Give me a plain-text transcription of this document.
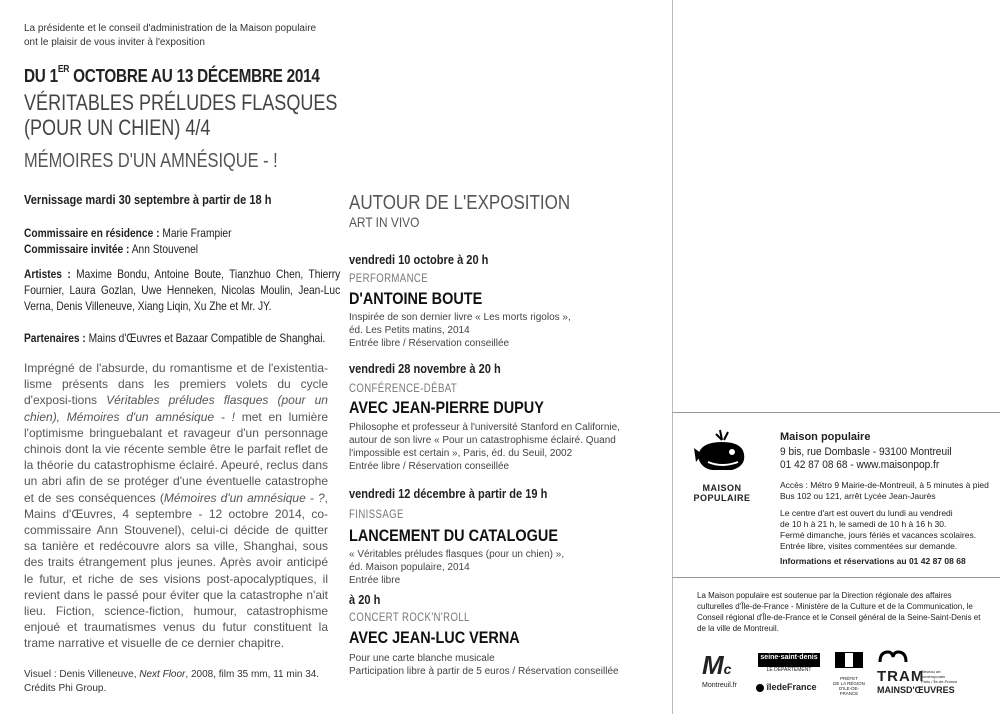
La présidente et le conseil d'administration de la Maison populaire
ont le plaisir de vous inviter à l'exposition
DU 1ER OCTOBRE AU 13 DÉCEMBRE 2014
VÉRITABLES PRÉLUDES FLASQUES
(POUR UN CHIEN) 4/4
MÉMOIRES D'UN AMNÉSIQUE - !
Vernissage mardi 30 septembre à partir de 18 h
Commissaire en résidence : Marie Frampier
Commissaire invitée : Ann Stouvenel
Artistes : Maxime Bondu, Antoine Boute, Tianzhuo Chen, Thierry Fournier, Laura Gozlan, Uwe Henneken, Nicolas Moulin, Jean-Luc Verna, Denis Villeneuve, Xiang Liqin, Xu Zhe et Mr. JY.
Partenaires : Mains d'Œuvres et Bazaar Compatible de Shanghai.
Imprégné de l'absurde, du romantisme et de l'existentia-lisme présents dans les premiers volets du cycle d'exposi-tions Véritables préludes flasques (pour un chien), Mémoires d'un amnésique - ! met en lumière l'optimisme bringuebalant et ravageur d'un personnage chinois dont la vie récente semble être le parfait reflet de la théorie du catastrophisme éclairé. Apeuré, reclus dans un abri afin de se protéger d'une éventuelle catastrophe et de ses conséquences (Mémoires d'un amnésique - ?, Mains d'Œuvres, 4 septembre - 12 octobre 2014, co-commissaire Ann Stouvenel), celui-ci décide de quitter sa tanière et redécouvre alors sa ville, Shanghai, sous des traits étrangement plus jeunes. Après avoir anticipé le futur, et riche de ses visions post-apocalyptiques, il revient dans le passé pour éviter que la catastrophe n'ait lieu. Fiction, science-fiction, humour, catastrophisme enjoué et traumatismes venus du futur constituent la trame narrative et visuelle de ce dernier chapitre.
Visuel : Denis Villeneuve, Next Floor, 2008, film 35 mm, 11 min 34. Crédits Phi Group.
AUTOUR DE L'EXPOSITION
ART IN VIVO
vendredi 10 octobre à 20 h
PERFORMANCE
D'ANTOINE BOUTE
Inspirée de son dernier livre « Les morts rigolos »,
éd. Les Petits matins, 2014
Entrée libre / Réservation conseillée
vendredi 28 novembre à 20 h
CONFÉRENCE-DÉBAT
AVEC JEAN-PIERRE DUPUY
Philosophe et professeur à l'université Stanford en Californie,
autour de son livre « Pour un catastrophisme éclairé. Quand
l'impossible est certain », Paris, éd. du Seuil, 2002
Entrée libre / Réservation conseillée
vendredi 12 décembre à partir de 19 h
FINISSAGE
LANCEMENT DU CATALOGUE
« Véritables préludes flasques (pour un chien) »,
éd. Maison populaire, 2014
Entrée libre
à 20 h
CONCERT ROCK'N'ROLL
AVEC JEAN-LUC VERNA
Pour une carte blanche musicale
Participation libre à partir de 5 euros / Réservation conseillée
MAISON
POPULAIRE
Maison populaire
9 bis, rue Dombasle - 93100 Montreuil
01 42 87 08 68 - www.maisonpop.fr
Accès : Métro 9 Mairie-de-Montreuil, à 5 minutes à pied
Bus 102 ou 121, arrêt Lycée Jean-Jaurès
Le centre d'art est ouvert du lundi au vendredi
de 10 h à 21 h, le samedi de 10 h à 16 h 30.
Fermé dimanche, jours fériés et vacances scolaires.
Entrée libre, visites commentées sur demande.
Informations et réservations au 01 42 87 08 68
La Maison populaire est soutenue par la Direction régionale des affaires culturelles d'Île-de-France - Ministère de la Culture et de la Communication, le Conseil régional d'Île-de-France et le Conseil général de la Seine-Saint-Denis et de la ville de Montreuil.
Mc
Montreuil.fr
seine·saint·denis
LE DÉPARTEMENT
îledeFrance
PRÉFET
DE LA RÉGION
D'ILE-DE-FRANCE
TRAM
Réseau art
contemporain
Paris / Île-de-France
MAINSD'ŒUVRES
